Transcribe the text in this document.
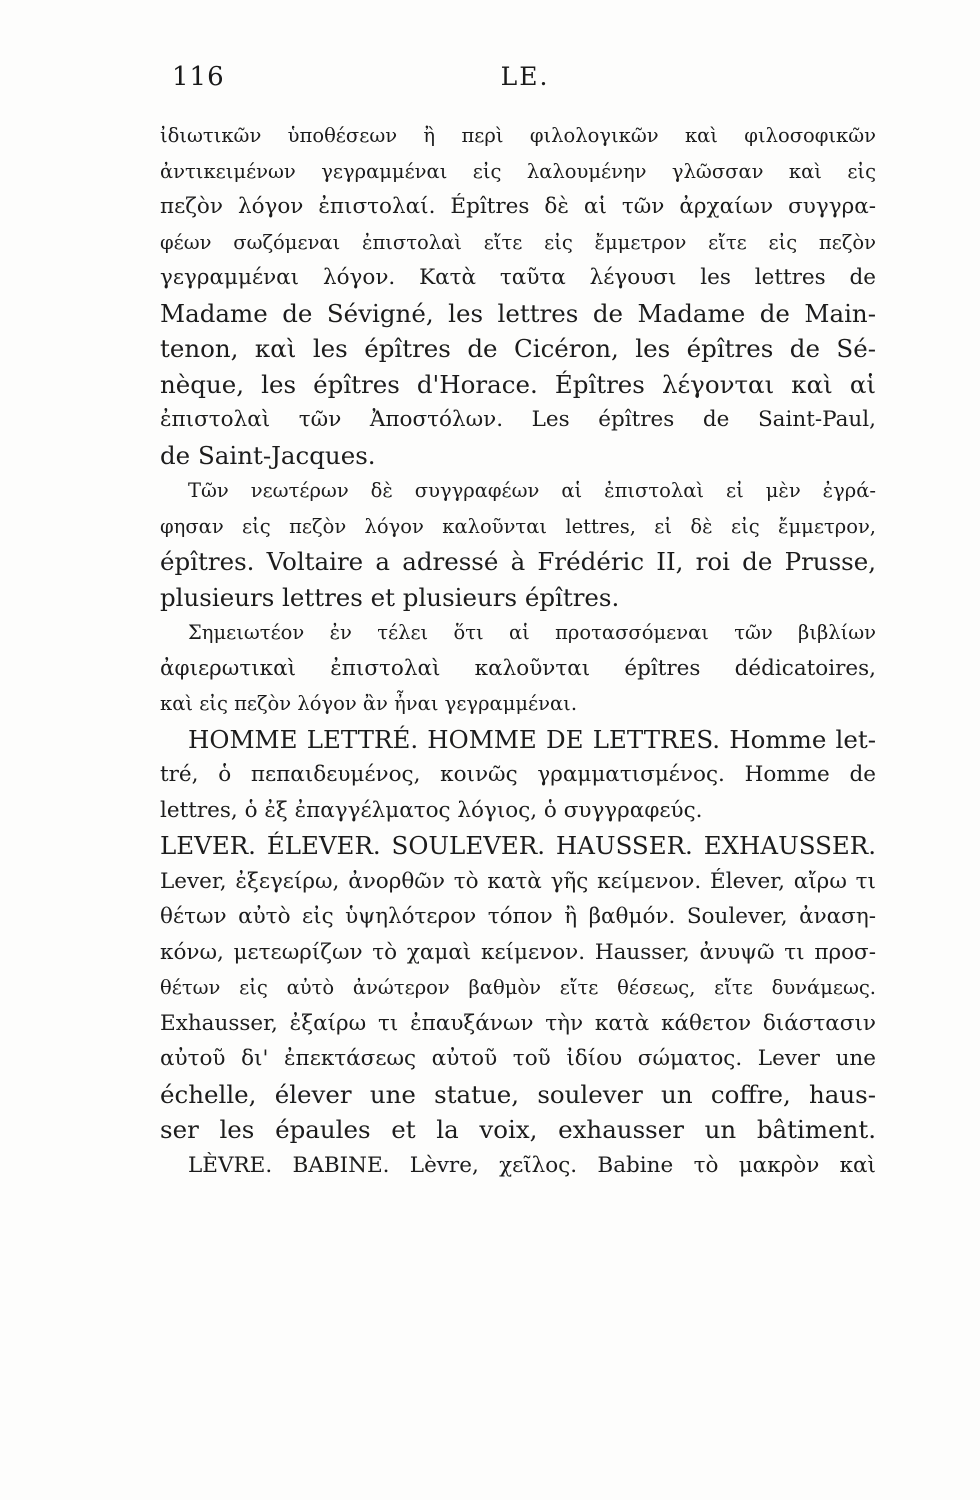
116	LE.
ἰδιωτικῶν ὑποθέσεων ἢ περὶ φιλολογικῶν καὶ φιλοσοφικῶν
ἀντικειμένων γεγραμμέναι εἰς λαλουμένην γλῶσσαν καὶ εἰς
πεζὸν λόγον ἐπιστολαί. Épîtres δὲ αἱ τῶν ἀρχαίων συγγρα-
φέων σωζόμεναι ἐπιστολαὶ εἴτε εἰς ἔμμετρον εἴτε εἰς πεζὸν
γεγραμμέναι λόγον. Κατὰ ταῦτα λέγουσι les lettres de
Madame de Sévigné, les lettres de Madame de Main-
tenon, καὶ les épîtres de Cicéron, les épîtres de Sé-
nèque, les épîtres d'Horace. Épîtres λέγονται καὶ αἱ
ἐπιστολαὶ τῶν Ἀποστόλων. Les épîtres de Saint-Paul,
de Saint-Jacques.
Τῶν νεωτέρων δὲ συγγραφέων αἱ ἐπιστολαὶ εἰ μὲν ἐγρά-
φησαν εἰς πεζὸν λόγον καλοῦνται lettres, εἰ δὲ εἰς ἔμμετρον,
épîtres. Voltaire a adressé à Frédéric II, roi de Prusse,
plusieurs lettres et plusieurs épîtres.
Σημειωτέον ἐν τέλει ὅτι αἱ προτασσόμεναι τῶν βιβλίων
ἀφιερωτικαὶ ἐπιστολαὶ καλοῦνται épîtres dédicatoires,
καὶ εἰς πεζὸν λόγον ἂν ἦναι γεγραμμέναι.
HOMME LETTRÉ. HOMME DE LETTRES. Homme let-
tré, ὁ πεπαιδευμένος, κοινῶς γραμματισμένος. Homme de
lettres, ὁ ἐξ ἐπαγγέλματος λόγιος, ὁ συγγραφεύς.
LEVER. ÉLEVER. SOULEVER. HAUSSER. EXHAUSSER.
Lever, ἐξεγείρω, ἀνορθῶν τὸ κατὰ γῆς κείμενον. Élever, αἴρω τι
θέτων αὐτὸ εἰς ὑψηλότερον τόπον ἢ βαθμόν. Soulever, ἀναση-
κόνω, μετεωρίζων τὸ χαμαὶ κείμενον. Hausser, ἀνυψῶ τι προσ-
θέτων εἰς αὐτὸ ἀνώτερον βαθμὸν εἴτε θέσεως, εἴτε δυνάμεως.
Exhausser, ἐξαίρω τι ἐπαυξάνων τὴν κατὰ κάθετον διάστασιν
αὐτοῦ δι' ἐπεκτάσεως αὐτοῦ τοῦ ἰδίου σώματος. Lever une
échelle, élever une statue, soulever un coffre, haus-
ser les épaules et la voix, exhausser un bâtiment.
LÈVRE. BABINE. Lèvre, χεῖλος. Babine τὸ μακρὸν καὶ
